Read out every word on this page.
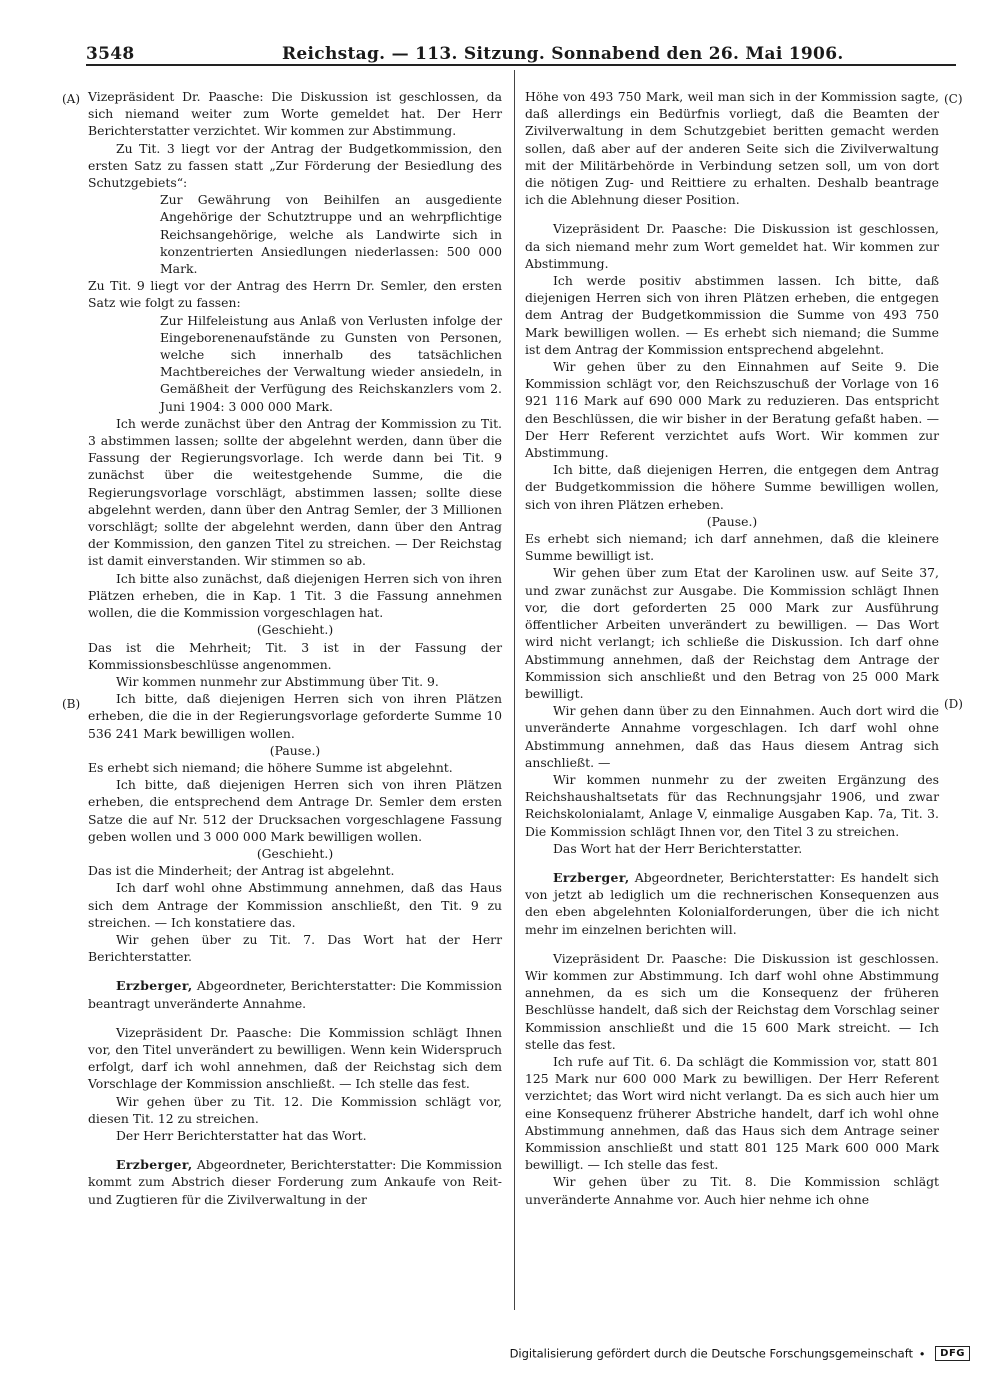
3548	Reichstag. — 113. Sitzung. Sonnabend den 26. Mai 1906.
(A)
(B)
(C)
(D)

Vizepräsident Dr. Paasche: Die Diskussion ist geschlossen, da sich niemand weiter zum Worte gemeldet hat. Der Herr Berichterstatter verzichtet. Wir kommen zur Abstimmung.

Zu Tit. 3 liegt vor der Antrag der Budgetkommission, den ersten Satz zu fassen statt „Zur Förderung der Besiedlung des Schutzgebiets“:

Zur Gewährung von Beihilfen an ausgediente Angehörige der Schutztruppe und an wehrpflichtige Reichsangehörige, welche als Landwirte sich in konzentrierten Ansiedlungen niederlassen: 500 000 Mark.

Zu Tit. 9 liegt vor der Antrag des Herrn Dr. Semler, den ersten Satz wie folgt zu fassen:

Zur Hilfeleistung aus Anlaß von Verlusten infolge der Eingeborenenaufstände zu Gunsten von Personen, welche sich innerhalb des tatsächlichen Machtbereiches der Verwaltung wieder ansiedeln, in Gemäßheit der Verfügung des Reichskanzlers vom 2. Juni 1904: 3 000 000 Mark.

Ich werde zunächst über den Antrag der Kommission zu Tit. 3 abstimmen lassen; sollte der abgelehnt werden, dann über die Fassung der Regierungsvorlage. Ich werde dann bei Tit. 9 zunächst über die weitestgehende Summe, die die Regierungsvorlage vorschlägt, abstimmen lassen; sollte diese abgelehnt werden, dann über den Antrag Semler, der 3 Millionen vorschlägt; sollte der abgelehnt werden, dann über den Antrag der Kommission, den ganzen Titel zu streichen. — Der Reichstag ist damit einverstanden. Wir stimmen so ab.

Ich bitte also zunächst, daß diejenigen Herren sich von ihren Plätzen erheben, die in Kap. 1 Tit. 3 die Fassung annehmen wollen, die die Kommission vorgeschlagen hat.

(Geschieht.)

Das ist die Mehrheit; Tit. 3 ist in der Fassung der Kommissionsbeschlüsse angenommen.

Wir kommen nunmehr zur Abstimmung über Tit. 9.

Ich bitte, daß diejenigen Herren sich von ihren Plätzen erheben, die die in der Regierungsvorlage geforderte Summe 10 536 241 Mark bewilligen wollen.

(Pause.)

Es erhebt sich niemand; die höhere Summe ist abgelehnt.

Ich bitte, daß diejenigen Herren sich von ihren Plätzen erheben, die entsprechend dem Antrage Dr. Semler dem ersten Satze die auf Nr. 512 der Drucksachen vorgeschlagene Fassung geben wollen und 3 000 000 Mark bewilligen wollen.

(Geschieht.)

Das ist die Minderheit; der Antrag ist abgelehnt.

Ich darf wohl ohne Abstimmung annehmen, daß das Haus sich dem Antrage der Kommission anschließt, den Tit. 9 zu streichen. — Ich konstatiere das.

Wir gehen über zu Tit. 7. Das Wort hat der Herr Berichterstatter.

Erzberger, Abgeordneter, Berichterstatter: Die Kommission beantragt unveränderte Annahme.

Vizepräsident Dr. Paasche: Die Kommission schlägt Ihnen vor, den Titel unverändert zu bewilligen. Wenn kein Widerspruch erfolgt, darf ich wohl annehmen, daß der Reichstag sich dem Vorschlage der Kommission anschließt. — Ich stelle das fest.

Wir gehen über zu Tit. 12. Die Kommission schlägt vor, diesen Tit. 12 zu streichen.

Der Herr Berichterstatter hat das Wort.

Erzberger, Abgeordneter, Berichterstatter: Die Kommission kommt zum Abstrich dieser Forderung zum Ankaufe von Reit- und Zugtieren für die Zivilverwaltung in der

Höhe von 493 750 Mark, weil man sich in der Kommission sagte, daß allerdings ein Bedürfnis vorliegt, daß die Beamten der Zivilverwaltung in dem Schutzgebiet beritten gemacht werden sollen, daß aber auf der anderen Seite sich die Zivilverwaltung mit der Militärbehörde in Verbindung setzen soll, um von dort die nötigen Zug- und Reittiere zu erhalten. Deshalb beantrage ich die Ablehnung dieser Position.

Vizepräsident Dr. Paasche: Die Diskussion ist geschlossen, da sich niemand mehr zum Wort gemeldet hat. Wir kommen zur Abstimmung.

Ich werde positiv abstimmen lassen. Ich bitte, daß diejenigen Herren sich von ihren Plätzen erheben, die entgegen dem Antrag der Budgetkommission die Summe von 493 750 Mark bewilligen wollen. — Es erhebt sich niemand; die Summe ist dem Antrag der Kommission entsprechend abgelehnt.

Wir gehen über zu den Einnahmen auf Seite 9. Die Kommission schlägt vor, den Reichszuschuß der Vorlage von 16 921 116 Mark auf 690 000 Mark zu reduzieren. Das entspricht den Beschlüssen, die wir bisher in der Beratung gefaßt haben. — Der Herr Referent verzichtet aufs Wort. Wir kommen zur Abstimmung.

Ich bitte, daß diejenigen Herren, die entgegen dem Antrag der Budgetkommission die höhere Summe bewilligen wollen, sich von ihren Plätzen erheben.

(Pause.)

Es erhebt sich niemand; ich darf annehmen, daß die kleinere Summe bewilligt ist.

Wir gehen über zum Etat der Karolinen usw. auf Seite 37, und zwar zunächst zur Ausgabe. Die Kommission schlägt Ihnen vor, die dort geforderten 25 000 Mark zur Ausführung öffentlicher Arbeiten unverändert zu bewilligen. — Das Wort wird nicht verlangt; ich schließe die Diskussion. Ich darf ohne Abstimmung annehmen, daß der Reichstag dem Antrage der Kommission sich anschließt und den Betrag von 25 000 Mark bewilligt.

Wir gehen dann über zu den Einnahmen. Auch dort wird die unveränderte Annahme vorgeschlagen. Ich darf wohl ohne Abstimmung annehmen, daß das Haus diesem Antrag sich anschließt. —

Wir kommen nunmehr zu der zweiten Ergänzung des Reichshaushaltsetats für das Rechnungsjahr 1906, und zwar Reichskolonialamt, Anlage V, einmalige Ausgaben Kap. 7a, Tit. 3. Die Kommission schlägt Ihnen vor, den Titel 3 zu streichen.

Das Wort hat der Herr Berichterstatter.

Erzberger, Abgeordneter, Berichterstatter: Es handelt sich von jetzt ab lediglich um die rechnerischen Konsequenzen aus den eben abgelehnten Kolonialforderungen, über die ich nicht mehr im einzelnen berichten will.

Vizepräsident Dr. Paasche: Die Diskussion ist geschlossen. Wir kommen zur Abstimmung. Ich darf wohl ohne Abstimmung annehmen, da es sich um die Konsequenz der früheren Beschlüsse handelt, daß sich der Reichstag dem Vorschlag seiner Kommission anschließt und die 15 600 Mark streicht. — Ich stelle das fest.

Ich rufe auf Tit. 6. Da schlägt die Kommission vor, statt 801 125 Mark nur 600 000 Mark zu bewilligen. Der Herr Referent verzichtet; das Wort wird nicht verlangt. Da es sich auch hier um eine Konsequenz früherer Abstriche handelt, darf ich wohl ohne Abstimmung annehmen, daß das Haus sich dem Antrage seiner Kommission anschließt und statt 801 125 Mark 600 000 Mark bewilligt. — Ich stelle das fest.

Wir gehen über zu Tit. 8. Die Kommission schlägt unveränderte Annahme vor. Auch hier nehme ich ohne

Digitalisierung gefördert durch die Deutsche Forschungsgemeinschaft • DFG
